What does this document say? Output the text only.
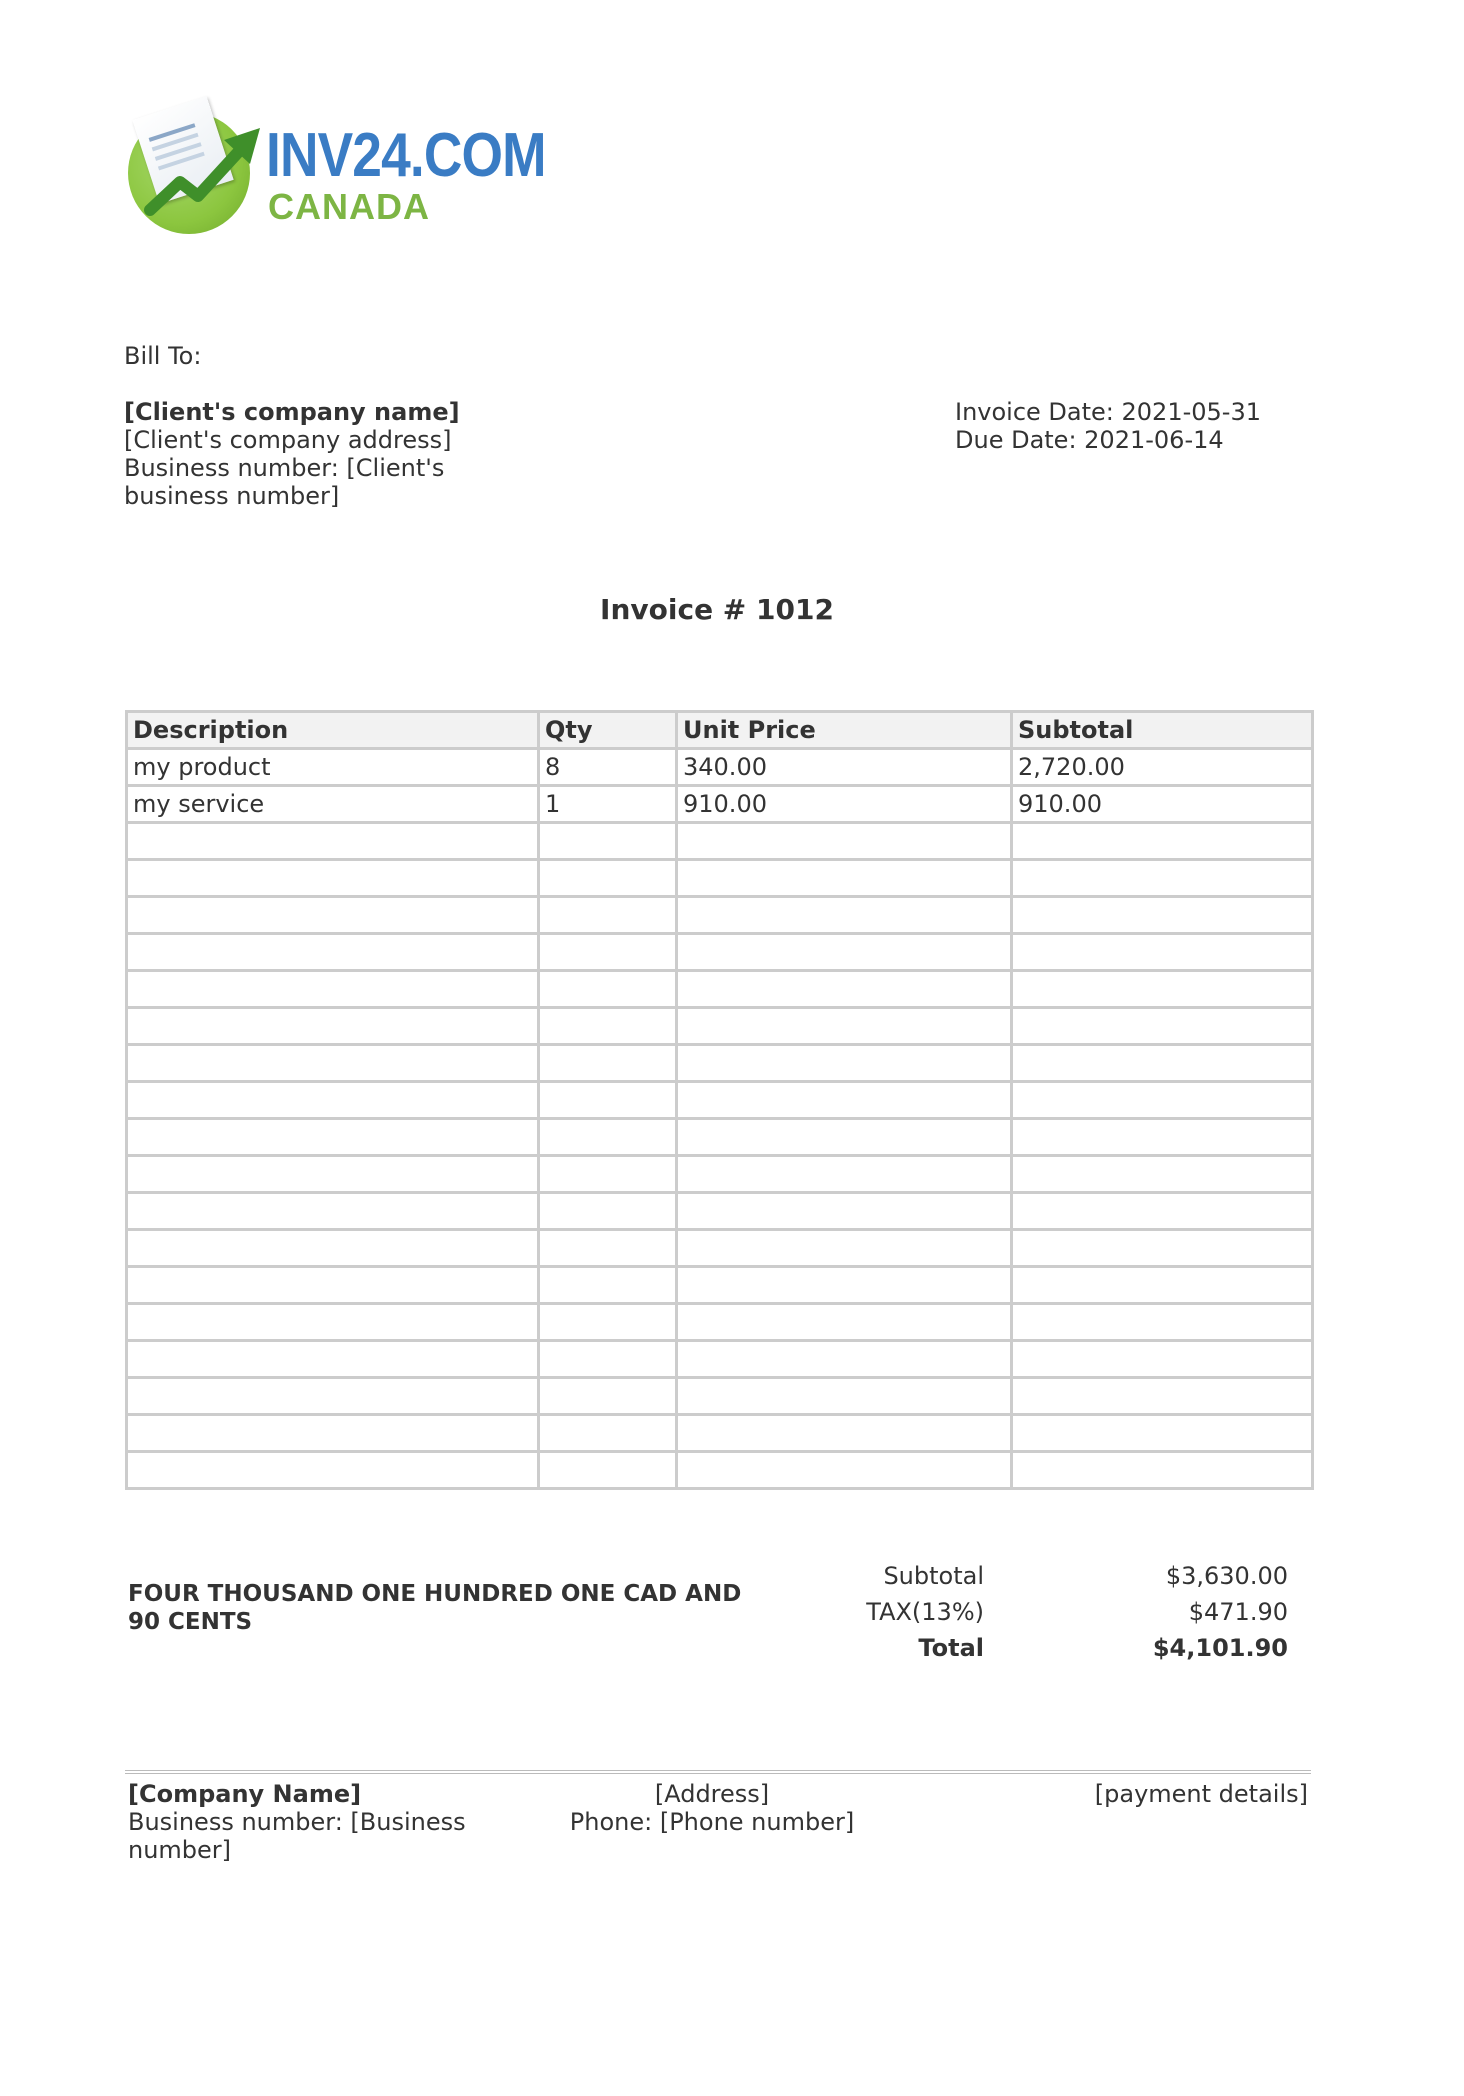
INV24.COM
CANADA
Bill To:
[Client's company name]
[Client's company address]
Business number: [Client's business number]
Invoice Date: 2021-05-31
Due Date: 2021-06-14
Invoice # 1012
Description	Qty	Unit Price	Subtotal
my product	8	340.00	2,720.00
my service	1	910.00	910.00

FOUR THOUSAND ONE HUNDRED ONE CAD AND 90 CENTS
Subtotal	$3,630.00
TAX(13%)	$471.90
Total	$4,101.90
[Company Name]
Business number: [Business number]
[Address]
Phone: [Phone number]
[payment details]
